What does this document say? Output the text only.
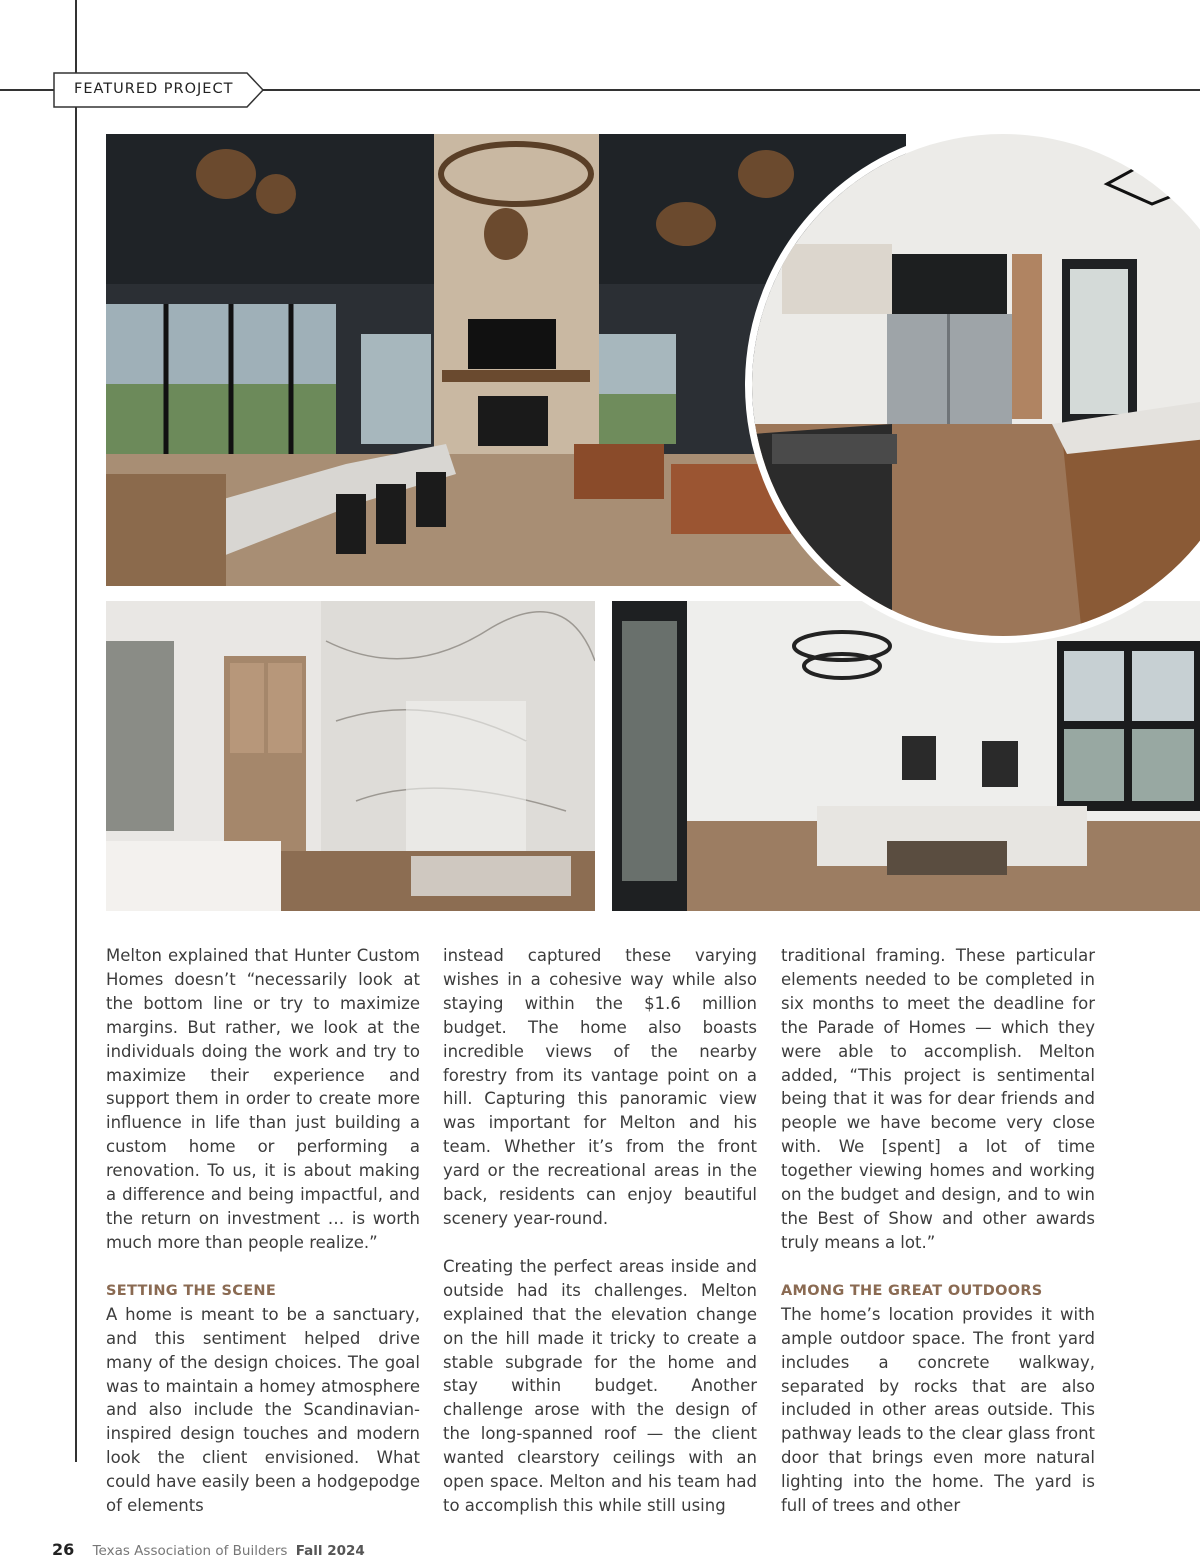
FEATURED PROJECT

Melton explained that Hunter Custom Homes doesn’t “necessarily look at the bottom line or try to maximize margins. But rather, we look at the individuals doing the work and try to maximize their experience and support them in order to create more influence in life than just building a custom home or performing a renovation. To us, it is about making a difference and being impactful, and the return on investment … is worth much more than people realize.”

SETTING THE SCENE

A home is meant to be a sanctuary, and this sentiment helped drive many of the design choices. The goal was to maintain a homey atmosphere and also include the Scandinavian-inspired design touches and modern look the client envisioned. What could have easily been a hodgepodge of elements

instead captured these varying wishes in a cohesive way while also staying within the $1.6 million budget. The home also boasts incredible views of the nearby forestry from its vantage point on a hill. Capturing this panoramic view was important for Melton and his team. Whether it’s from the front yard or the recreational areas in the back, residents can enjoy beautiful scenery year-round.

Creating the perfect areas inside and outside had its challenges. Melton explained that the elevation change on the hill made it tricky to create a stable subgrade for the home and stay within budget. Another challenge arose with the design of the long-spanned roof — the client wanted clearstory ceilings with an open space. Melton and his team had to accomplish this while still using

traditional framing. These particular elements needed to be completed in six months to meet the deadline for the Parade of Homes — which they were able to accomplish. Melton added, “This project is sentimental being that it was for dear friends and people we have become very close with. We [spent] a lot of time together viewing homes and working on the budget and design, and to win the Best of Show and other awards truly means a lot.”

AMONG THE GREAT OUTDOORS

The home’s location provides it with ample outdoor space. The front yard includes a concrete walkway, separated by rocks that are also included in other areas outside. This pathway leads to the clear glass front door that brings even more natural lighting into the home. The yard is full of trees and other

26 Texas Association of Builders Fall 2024
